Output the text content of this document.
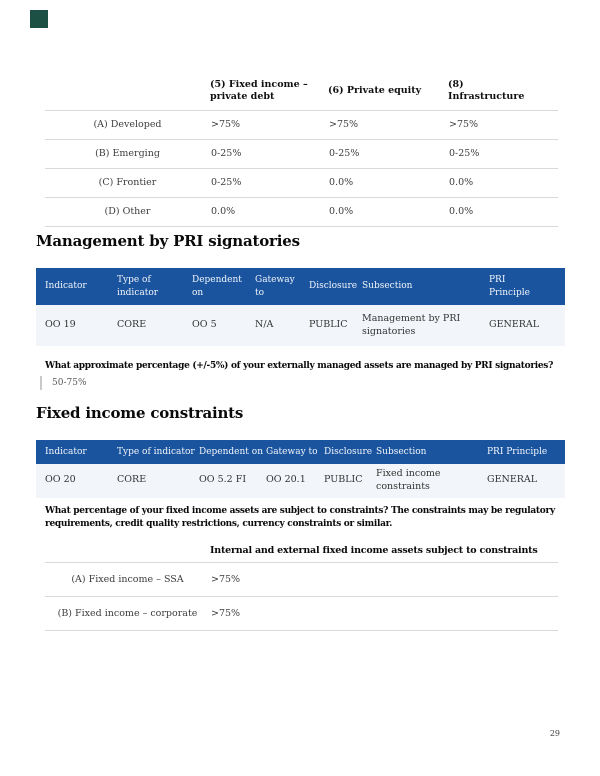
	(5) Fixed income – private debt	(6) Private equity	(8) Infrastructure
(A) Developed	>75%	>75%	>75%
(B) Emerging	0-25%	0-25%	0-25%
(C) Frontier	0-25%	0.0%	0.0%
(D) Other	0.0%	0.0%	0.0%
Management by PRI signatories
Indicator	Type of indicator	Dependent on	Gateway to	Disclosure	Subsection	PRI Principle
OO 19	CORE	OO 5	N/A	PUBLIC	Management by PRI signatories	GENERAL
What approximate percentage (+/-5%) of your externally managed assets are managed by PRI signatories?
50-75%
Fixed income constraints
Indicator	Type of indicator	Dependent on	Gateway to	Disclosure	Subsection	PRI Principle
OO 20	CORE	OO 5.2 FI	OO 20.1	PUBLIC	Fixed income constraints	GENERAL
What percentage of your fixed income assets are subject to constraints? The constraints may be regulatory requirements, credit quality restrictions, currency constraints or similar.
Internal and external fixed income assets subject to constraints
(A) Fixed income – SSA	>75%
(B) Fixed income – corporate	>75%
29
